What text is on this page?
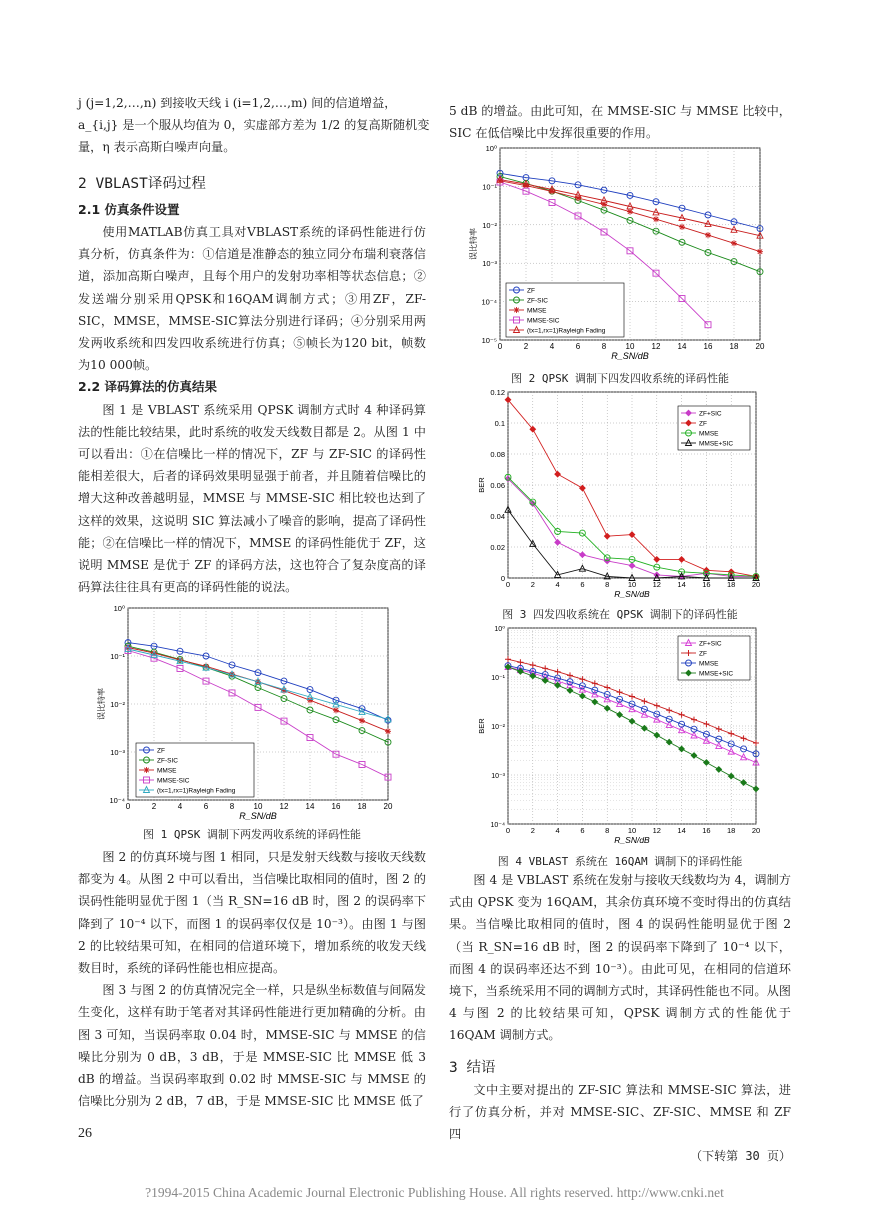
j (j=1,2,…,n) 到接收天线 i (i=1,2,…,m) 间的信道增益，

a_{i,j} 是一个服从均值为 0，实虚部方差为 1/2 的复高斯随机变

量，η 表示高斯白噪声向量。

2 VBLAST译码过程

2.1 仿真条件设置

使用MATLAB仿真工具对VBLAST系统的译码性能进行仿真分析，仿真条件为：①信道是准静态的独立同分布瑞利衰落信道，添加高斯白噪声，且每个用户的发射功率相等状态信息；②发送端分别采用QPSK和16QAM调制方式；③用ZF，ZF-SIC，MMSE，MMSE-SIC算法分别进行译码；④分别采用两发两收系统和四发四收系统进行仿真；⑤帧长为120 bit，帧数为10 000帧。

2.2 译码算法的仿真结果

图 1 是 VBLAST 系统采用 QPSK 调制方式时 4 种译码算法的性能比较结果，此时系统的收发天线数目都是 2。从图 1 中可以看出：①在信噪比一样的情况下，ZF 与 ZF-SIC 的译码性能相差很大，后者的译码效果明显强于前者，并且随着信噪比的增大这种改善越明显，MMSE 与 MMSE-SIC 相比较也达到了这样的效果，这说明 SIC 算法减小了噪音的影响，提高了译码性能；②在信噪比一样的情况下，MMSE 的译码性能优于 ZF，这说明 MMSE 是优于 ZF 的译码方法，这也符合了复杂度高的译码算法往往具有更高的译码性能的说法。

0	2	4	6	8 10 12 14 16 18 20
10⁰
10⁻¹
10⁻²
10⁻³
10⁻⁴
R_SN/dB
误比特率
ZF
ZF-SIC
MMSE
MMSE-SIC
(tx=1,rx=1)Rayleigh Fading
图 1 QPSK 调制下两发两收系统的译码性能

图 2 的仿真环境与图 1 相同，只是发射天线数与接收天线数都变为 4。从图 2 中可以看出，当信噪比取相同的值时，图 2 的误码性能明显优于图 1（当 R_SN=16 dB 时，图 2 的误码率下降到了 10⁻⁴ 以下，而图 1 的误码率仅仅是 10⁻³）。由图 1 与图 2 的比较结果可知，在相同的信道环境下，增加系统的收发天线数目时，系统的译码性能也相应提高。

图 3 与图 2 的仿真情况完全一样，只是纵坐标数值与间隔发生变化，这样有助于笔者对其译码性能进行更加精确的分析。由图 3 可知，当误码率取 0.04 时，MMSE-SIC 与 MMSE 的信噪比分别为 0 dB，3 dB，于是 MMSE-SIC 比 MMSE 低 3 dB 的增益。当误码率取到 0.02 时 MMSE-SIC 与 MMSE 的信噪比分别为 2 dB，7 dB，于是 MMSE-SIC 比 MMSE 低了

5 dB 的增益。由此可知，在 MMSE-SIC 与 MMSE 比较中，SIC 在低信噪比中发挥很重要的作用。

0	2	4	6	8 10 12 14 16 18 20
10⁰
10⁻¹
10⁻²
10⁻³
10⁻⁴
10⁻⁵
R_SN/dB
误比特率
ZF
ZF-SIC
MMSE
MMSE-SIC
(tx=1,rx=1)Rayleigh Fading
图 2 QPSK 调制下四发四收系统的译码性能
0	2	4	6	8 10 12 14 16 18 20
0
0.02
0.04
0.06
0.08
0.1
0.12
R_SN/dB
BER
ZF+SIC
ZF
MMSE
MMSE+SIC
图 3 四发四收系统在 QPSK 调制下的译码性能
0	2	4	6	8 10 12 14 16 18 20
10⁰
10⁻¹
10⁻²
10⁻³
10⁻⁴
R_SN/dB
BER
ZF+SIC
ZF
MMSE
MMSE+SIC
图 4 VBLAST 系统在 16QAM 调制下的译码性能

图 4 是 VBLAST 系统在发射与接收天线数均为 4，调制方式由 QPSK 变为 16QAM，其余仿真环境不变时得出的仿真结果。当信噪比取相同的值时，图 4 的误码性能明显优于图 2（当 R_SN=16 dB 时，图 2 的误码率下降到了 10⁻⁴ 以下，而图 4 的误码率还达不到 10⁻³）。由此可见，在相同的信道环境下，当系统采用不同的调制方式时，其译码性能也不同。从图 4 与图 2 的比较结果可知，QPSK 调制方式的性能优于 16QAM 调制方式。

3 结语

文中主要对提出的 ZF-SIC 算法和 MMSE-SIC 算法，进行了仿真分析，并对 MMSE-SIC、ZF-SIC、MMSE 和 ZF 四

（下转第 30 页）

26
?1994-2015 China Academic Journal Electronic Publishing House. All rights reserved. http://www.cnki.net
